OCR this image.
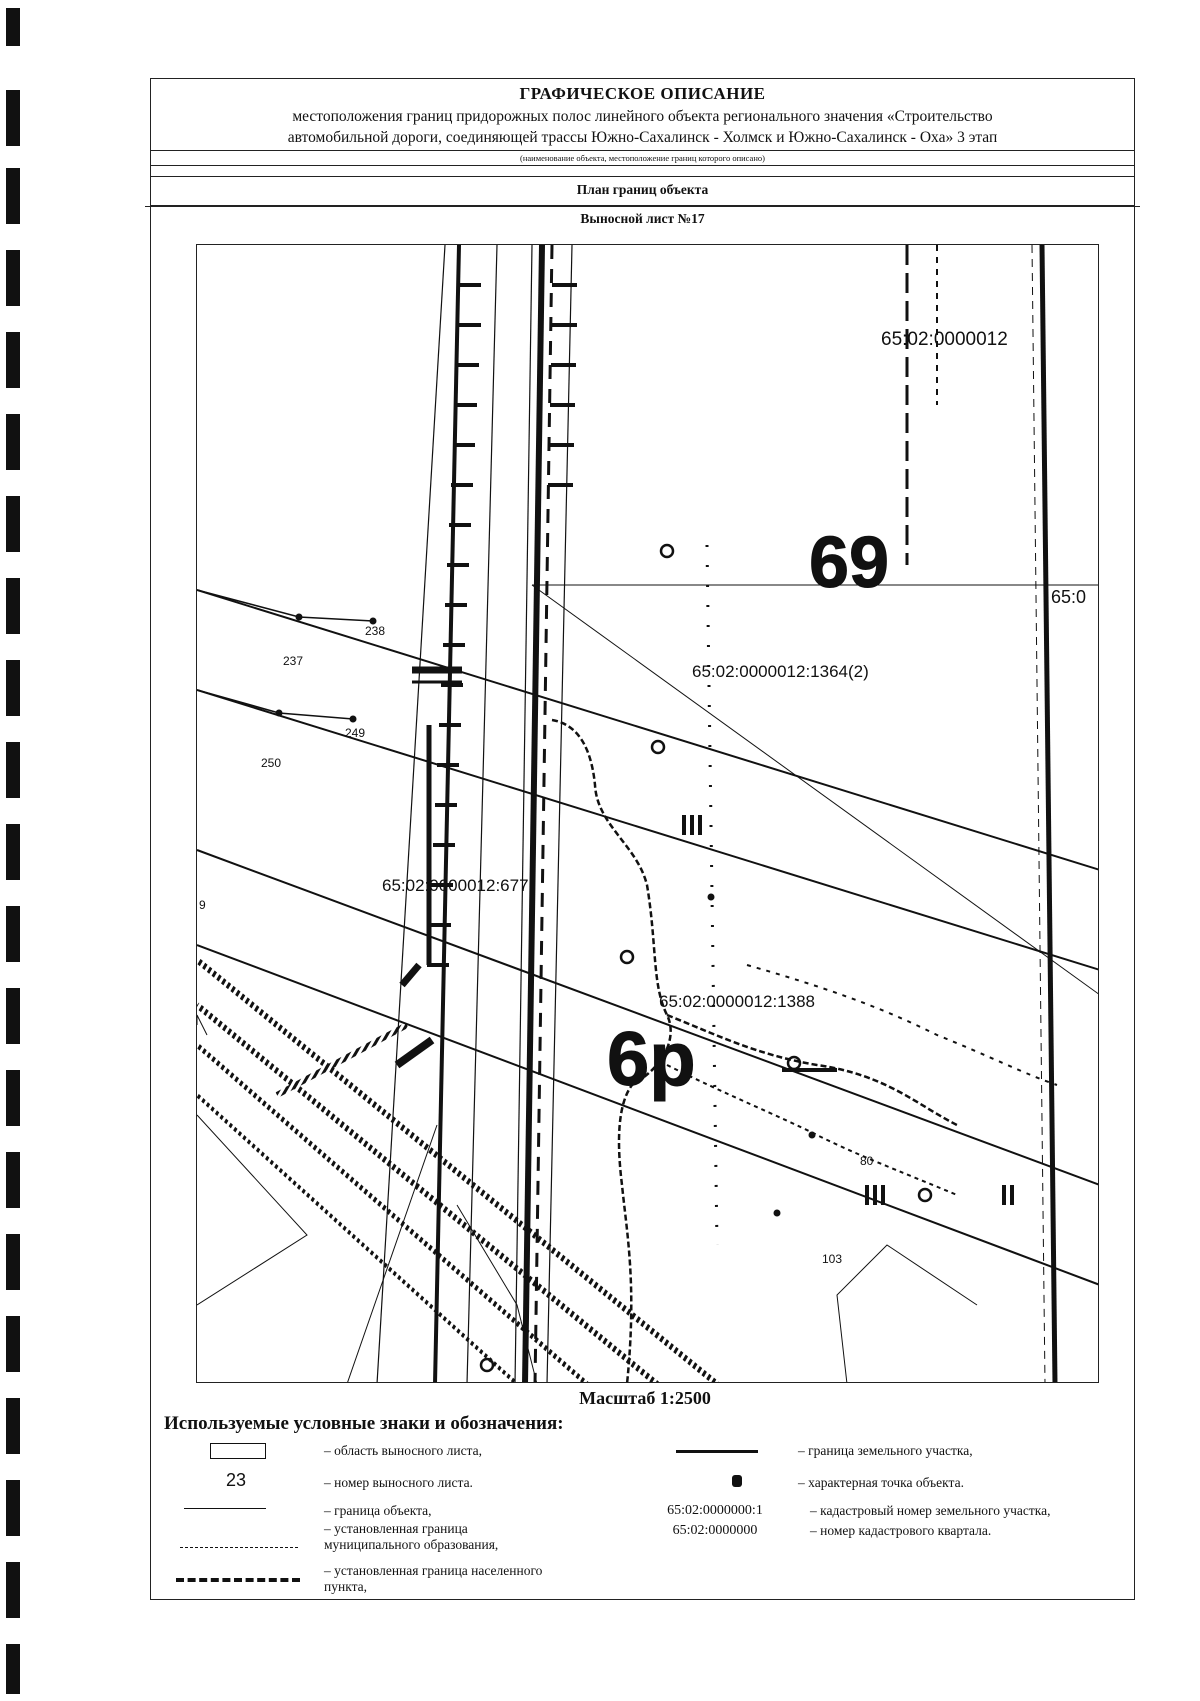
ГРАФИЧЕСКОЕ ОПИСАНИЕ
местоположения границ придорожных полос линейного объекта регионального значения «Строительство
автомобильной дороги, соединяющей трассы Южно-Сахалинск - Холмск и Южно-Сахалинск - Оха» 3 этап
(наименование объекта, местоположение границ которого описано)
План границ объекта
Выносной лист №17
65:02:0000012
69	65:0
65:02:0000012:1364(2)
65:02:0000012:677
65:02:0000012:1388
6р
238
237
249
250
9
80
103
Масштаб 1:2500
Используемые условные знаки и обозначения:
– область выносного листа,
23	– номер выносного листа.
– граница объекта,
– установленная граница
муниципального образования,
– установленная граница населенного
пункта,
– граница земельного участка,
– характерная точка объекта.
65:02:0000000:1	– кадастровый номер земельного участка,
65:02:0000000	– номер кадастрового квартала.
